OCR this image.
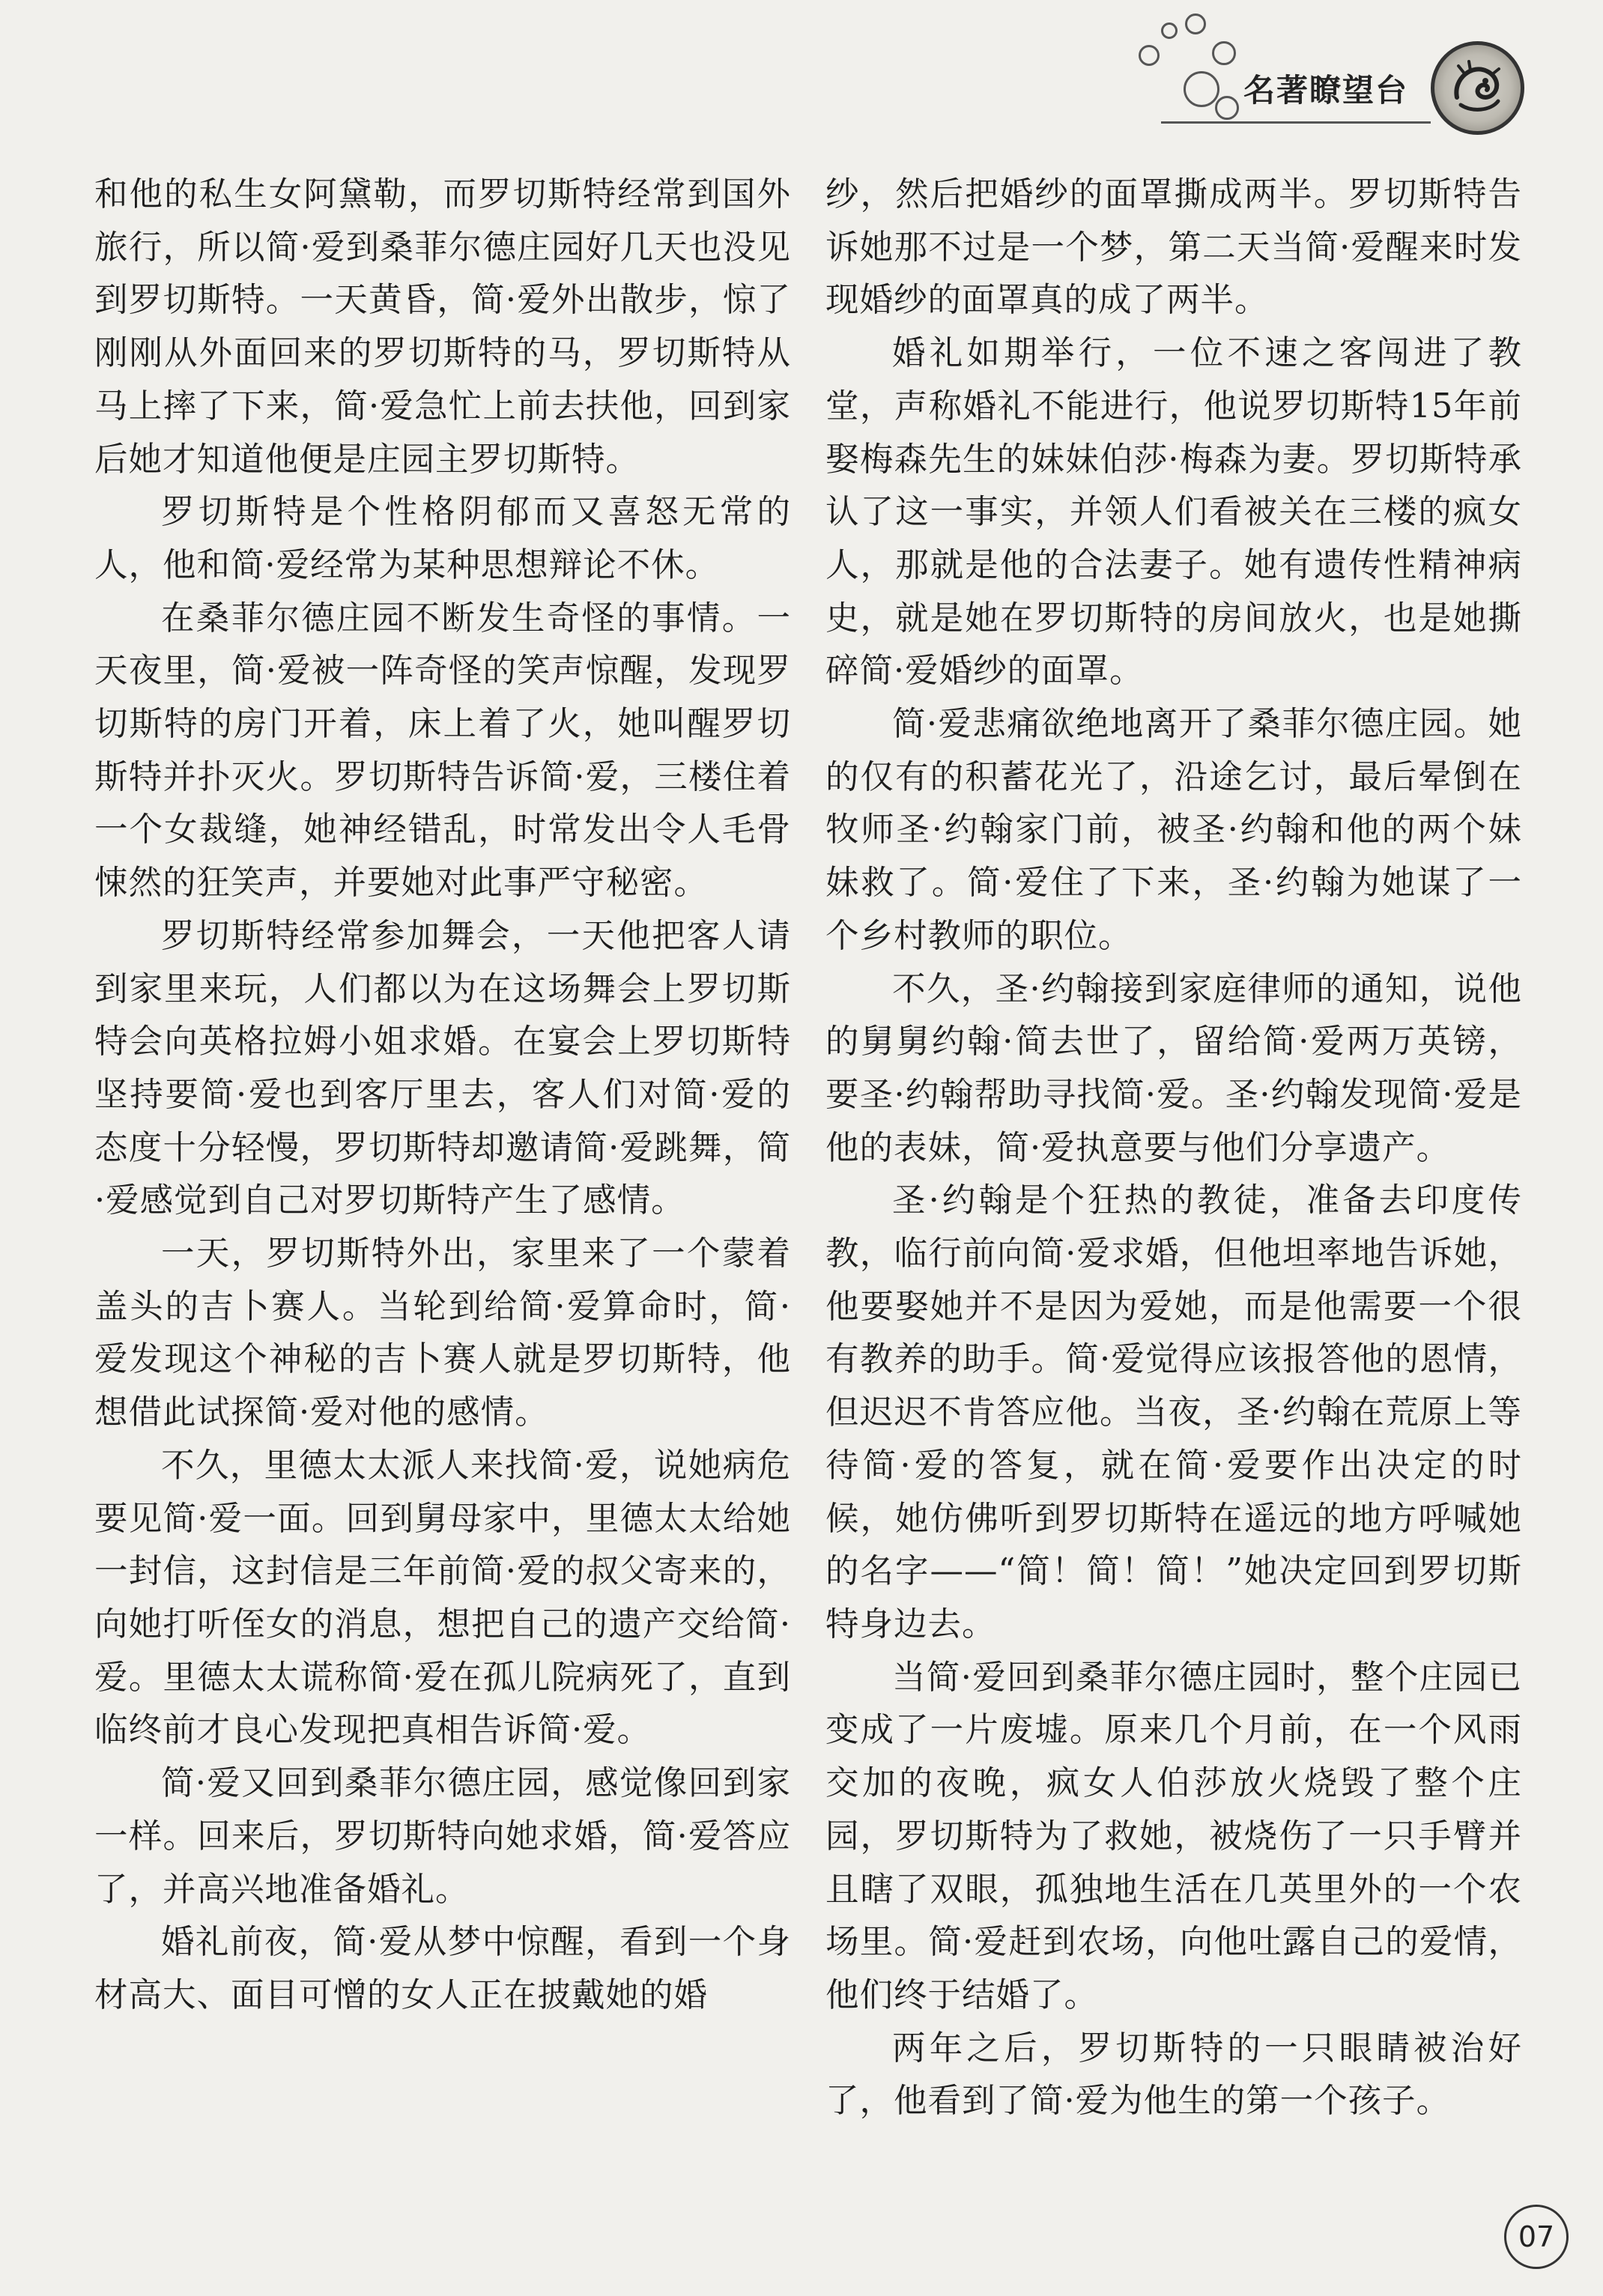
名著瞭望台

和他的私生女阿黛勒，而罗切斯特经常到国外旅行，所以简·爱到桑菲尔德庄园好几天也没见到罗切斯特。一天黄昏，简·爱外出散步，惊了刚刚从外面回来的罗切斯特的马，罗切斯特从马上摔了下来，简·爱急忙上前去扶他，回到家后她才知道他便是庄园主罗切斯特。

罗切斯特是个性格阴郁而又喜怒无常的人，他和简·爱经常为某种思想辩论不休。

在桑菲尔德庄园不断发生奇怪的事情。一天夜里，简·爱被一阵奇怪的笑声惊醒，发现罗切斯特的房门开着，床上着了火，她叫醒罗切斯特并扑灭火。罗切斯特告诉简·爱，三楼住着一个女裁缝，她神经错乱，时常发出令人毛骨悚然的狂笑声，并要她对此事严守秘密。

罗切斯特经常参加舞会，一天他把客人请到家里来玩，人们都以为在这场舞会上罗切斯特会向英格拉姆小姐求婚。在宴会上罗切斯特坚持要简·爱也到客厅里去，客人们对简·爱的态度十分轻慢，罗切斯特却邀请简·爱跳舞，简·爱感觉到自己对罗切斯特产生了感情。

一天，罗切斯特外出，家里来了一个蒙着盖头的吉卜赛人。当轮到给简·爱算命时，简·爱发现这个神秘的吉卜赛人就是罗切斯特，他想借此试探简·爱对他的感情。

不久，里德太太派人来找简·爱，说她病危要见简·爱一面。回到舅母家中，里德太太给她一封信，这封信是三年前简·爱的叔父寄来的，向她打听侄女的消息，想把自己的遗产交给简·爱。里德太太谎称简·爱在孤儿院病死了，直到临终前才良心发现把真相告诉简·爱。

简·爱又回到桑菲尔德庄园，感觉像回到家一样。回来后，罗切斯特向她求婚，简·爱答应了，并高兴地准备婚礼。

婚礼前夜，简·爱从梦中惊醒，看到一个身材高大、面目可憎的女人正在披戴她的婚

纱，然后把婚纱的面罩撕成两半。罗切斯特告诉她那不过是一个梦，第二天当简·爱醒来时发现婚纱的面罩真的成了两半。

婚礼如期举行，一位不速之客闯进了教堂，声称婚礼不能进行，他说罗切斯特15年前娶梅森先生的妹妹伯莎·梅森为妻。罗切斯特承认了这一事实，并领人们看被关在三楼的疯女人，那就是他的合法妻子。她有遗传性精神病史，就是她在罗切斯特的房间放火，也是她撕碎简·爱婚纱的面罩。

简·爱悲痛欲绝地离开了桑菲尔德庄园。她的仅有的积蓄花光了，沿途乞讨，最后晕倒在牧师圣·约翰家门前，被圣·约翰和他的两个妹妹救了。简·爱住了下来，圣·约翰为她谋了一个乡村教师的职位。

不久，圣·约翰接到家庭律师的通知，说他的舅舅约翰·简去世了，留给简·爱两万英镑，要圣·约翰帮助寻找简·爱。圣·约翰发现简·爱是他的表妹，简·爱执意要与他们分享遗产。

圣·约翰是个狂热的教徒，准备去印度传教，临行前向简·爱求婚，但他坦率地告诉她，他要娶她并不是因为爱她，而是他需要一个很有教养的助手。简·爱觉得应该报答他的恩情，但迟迟不肯答应他。当夜，圣·约翰在荒原上等待简·爱的答复，就在简·爱要作出决定的时候，她仿佛听到罗切斯特在遥远的地方呼喊她的名字——“简！简！简！”她决定回到罗切斯特身边去。

当简·爱回到桑菲尔德庄园时，整个庄园已变成了一片废墟。原来几个月前，在一个风雨交加的夜晚，疯女人伯莎放火烧毁了整个庄园，罗切斯特为了救她，被烧伤了一只手臂并且瞎了双眼，孤独地生活在几英里外的一个农场里。简·爱赶到农场，向他吐露自己的爱情，他们终于结婚了。

两年之后，罗切斯特的一只眼睛被治好了，他看到了简·爱为他生的第一个孩子。

07
